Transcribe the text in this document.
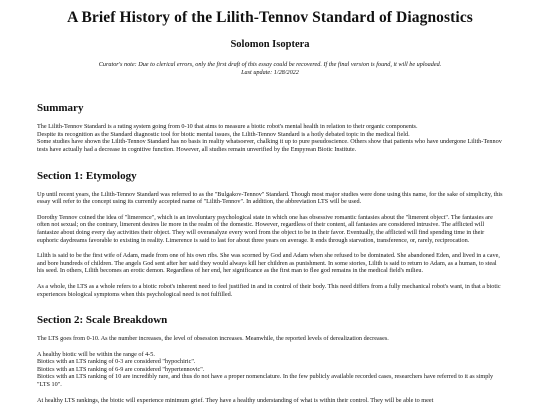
A Brief History of the Lilith-Tennov Standard of Diagnostics
Solomon Isoptera
Curator's note: Due to clerical errors, only the first draft of this essay could be recovered. If the final version is found, it will be uploaded.
Last update: 1/28/2022
Summary

The Lilith-Tennov Standard is a rating system going from 0-10 that aims to measure a biotic robot's mental health in relation to their organic components.

Despite its recognition as the Standard diagnostic tool for biotic mental issues, the Lilith-Tennov Standard is a hotly debated topic in the medical field.

Some studies have shown the Lilith-Tennov Standard has no basis in reality whatsoever, chalking it up to pure pseudoscience. Others show that patients who have undergone Lilith-Tennov tests have actually had a decrease in cognitive function. However, all studies remain unverified by the Empyrean Biotic Institute.

Section 1: Etymology

Up until recent years, the Lilith-Tennov Standard was referred to as the "Bulgakov-Tennov" Standard. Though most major studies were done using this name, for the sake of simplicity, this essay will refer to the concept using its currently accepted name of "Lilith-Tennov". In addition, the abbreviation LTS will be used.

Dorothy Tennov coined the idea of "limerence", which is an involuntary psychological state in which one has obsessive romantic fantasies about the "limerent object". The fantasies are often not sexual; on the contrary, limerent desires lie more in the realm of the domestic. However, regardless of their content, all fantasies are considered intrusive. The afflicted will fantasize about doing every day activities their object. They will overanalyze every word from the object to be in their favor. Eventually, the afflicted will find spending time in their euphoric daydreams favorable to existing in reality. Limerence is said to last for about three years on average. It ends through starvation, transference, or, rarely, reciprocation.

Lilith is said to be the first wife of Adam, made from one of his own ribs. She was scorned by God and Adam when she refused to be dominated. She abandoned Eden, and lived in a cave, and bore hundreds of children. The angels God sent after her said they would always kill her children as punishment. In some stories, Lilith is said to return to Adam, as a human, to steal his seed. In others, Lilith becomes an erotic demon. Regardless of her end, her significance as the first man to flee god remains in the medical field's milieu.

As a whole, the LTS as a whole refers to a biotic robot's inherent need to feel justified in and in control of their body. This need differs from a fully mechanical robot's want, in that a biotic experiences biological symptoms when this psychological need is not fulfilled.

Section 2: Scale Breakdown

The LTS goes from 0-10. As the number increases, the level of obsession increases. Meanwhile, the reported levels of derealization decreases.

A healthy biotic will be within the range of 4-5.

Biotics with an LTS ranking of 0-3 are considered "hypochiric".

Biotics with an LTS ranking of 6-9 are considered "hypertennovic".

Biotics with an LTS ranking of 10 are incredibly rare, and thus do not have a proper nomenclature. In the few publicly available recorded cases, researchers have referred to it as simply "LTS 10".

At healthy LTS rankings, the biotic will experience minimum grief. They have a healthy understanding of what is within their control. They will be able to meet
